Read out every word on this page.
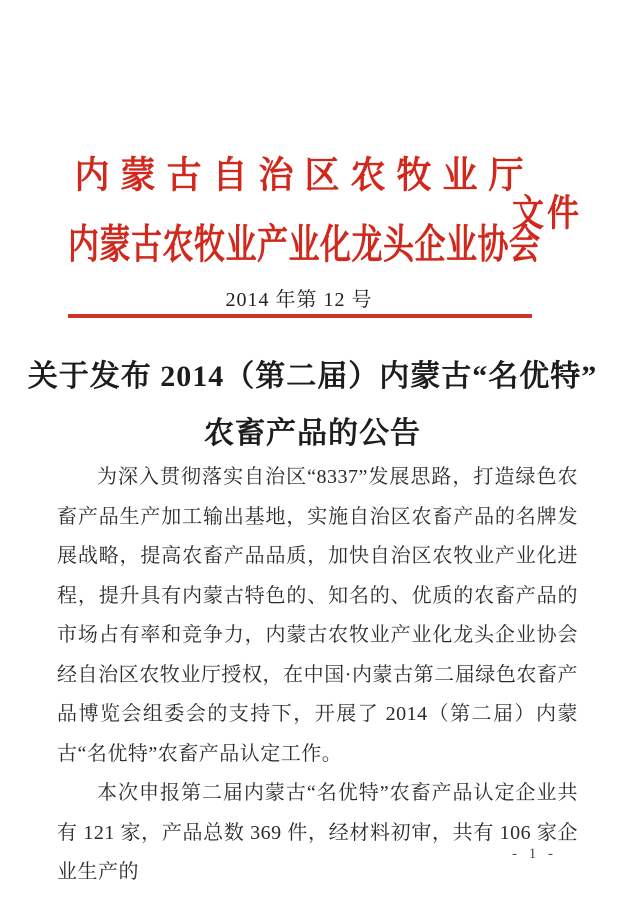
内蒙古自治区农牧业厅
内蒙古农牧业产业化龙头企业协会
文件
2014 年第 12 号
关于发布 2014（第二届）内蒙古“名优特”
农畜产品的公告

为深入贯彻落实自治区“8337”发展思路，打造绿色农畜产品生产加工输出基地，实施自治区农畜产品的名牌发展战略，提高农畜产品品质，加快自治区农牧业产业化进程，提升具有内蒙古特色的、知名的、优质的农畜产品的市场占有率和竞争力，内蒙古农牧业产业化龙头企业协会经自治区农牧业厅授权，在中国·内蒙古第二届绿色农畜产品博览会组委会的支持下，开展了 2014（第二届）内蒙古“名优特”农畜产品认定工作。

本次申报第二届内蒙古“名优特”农畜产品认定企业共有 121 家，产品总数 369 件，经材料初审，共有 106 家企业生产的

- 1 -
